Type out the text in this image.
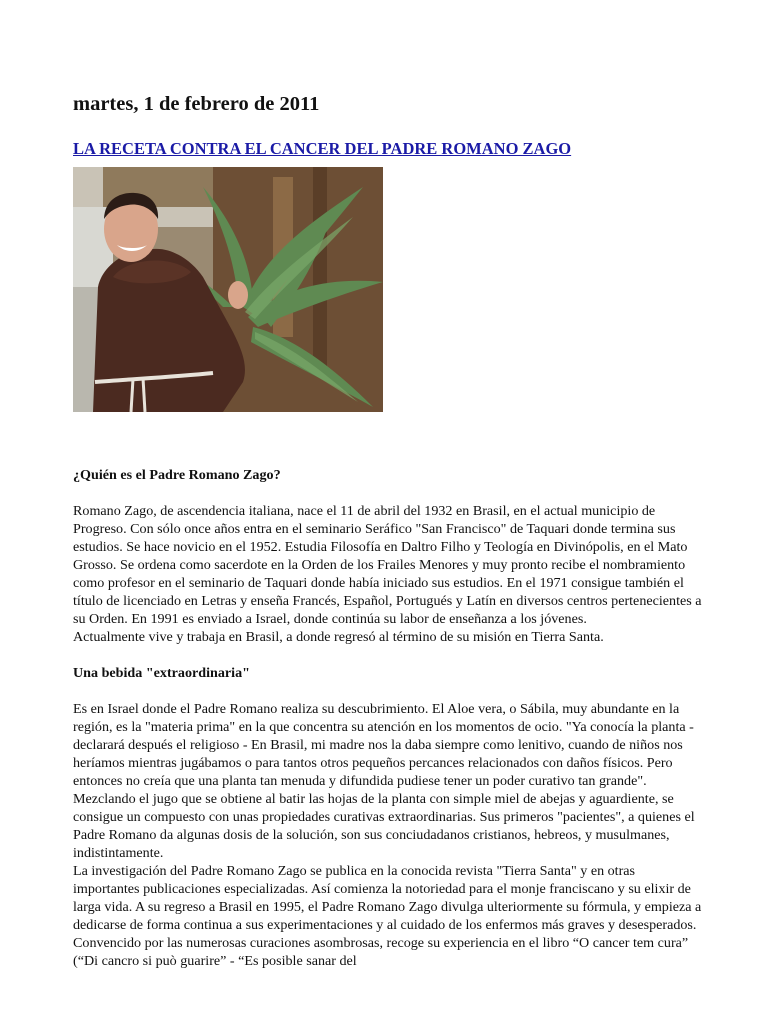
martes, 1 de febrero de 2011
LA RECETA CONTRA EL CANCER DEL PADRE ROMANO ZAGO
¿Quién es el Padre Romano Zago?

Romano Zago, de ascendencia italiana, nace el 11 de abril del 1932 en Brasil, en el actual municipio de Progreso. Con sólo once años entra en el seminario Seráfico "San Francisco" de Taquari donde termina sus estudios. Se hace novicio en el 1952. Estudia Filosofía en Daltro Filho y Teología en Divinópolis, en el Mato Grosso. Se ordena como sacerdote en la Orden de los Frailes Menores y muy pronto recibe el nombramiento como profesor en el seminario de Taquari donde había iniciado sus estudios. En el 1971 consigue también el título de licenciado en Letras y enseña Francés, Español, Portugués y Latín en diversos centros pertenecientes a su Orden. En 1991 es enviado a Israel, donde continúa su labor de enseñanza a los jóvenes.

Actualmente vive y trabaja en Brasil, a donde regresó al término de su misión en Tierra Santa.

Una bebida "extraordinaria"

Es en Israel donde el Padre Romano realiza su descubrimiento. El Aloe vera, o Sábila, muy abundante en la región, es la "materia prima" en la que concentra su atención en los momentos de ocio. "Ya conocía la planta - declarará después el religioso - En Brasil, mi madre nos la daba siempre como lenitivo, cuando de niños nos heríamos mientras jugábamos o para tantos otros pequeños percances relacionados con daños físicos. Pero entonces no creía que una planta tan menuda y difundida pudiese tener un poder curativo tan grande".

Mezclando el jugo que se obtiene al batir las hojas de la planta con simple miel de abejas y aguardiente, se consigue un compuesto con unas propiedades curativas extraordinarias. Sus primeros "pacientes", a quienes el Padre Romano da algunas dosis de la solución, son sus conciudadanos cristianos, hebreos, y musulmanes, indistintamente.

La investigación del Padre Romano Zago se publica en la conocida revista "Tierra Santa" y en otras importantes publicaciones especializadas. Así comienza la notoriedad para el monje franciscano y su elixir de larga vida. A su regreso a Brasil en 1995, el Padre Romano Zago divulga ulteriormente su fórmula, y empieza a dedicarse de forma continua a sus experimentaciones y al cuidado de los enfermos más graves y desesperados. Convencido por las numerosas curaciones asombrosas, recoge su experiencia en el libro “O cancer tem cura” (“Di cancro si può guarire” - “Es posible sanar del
